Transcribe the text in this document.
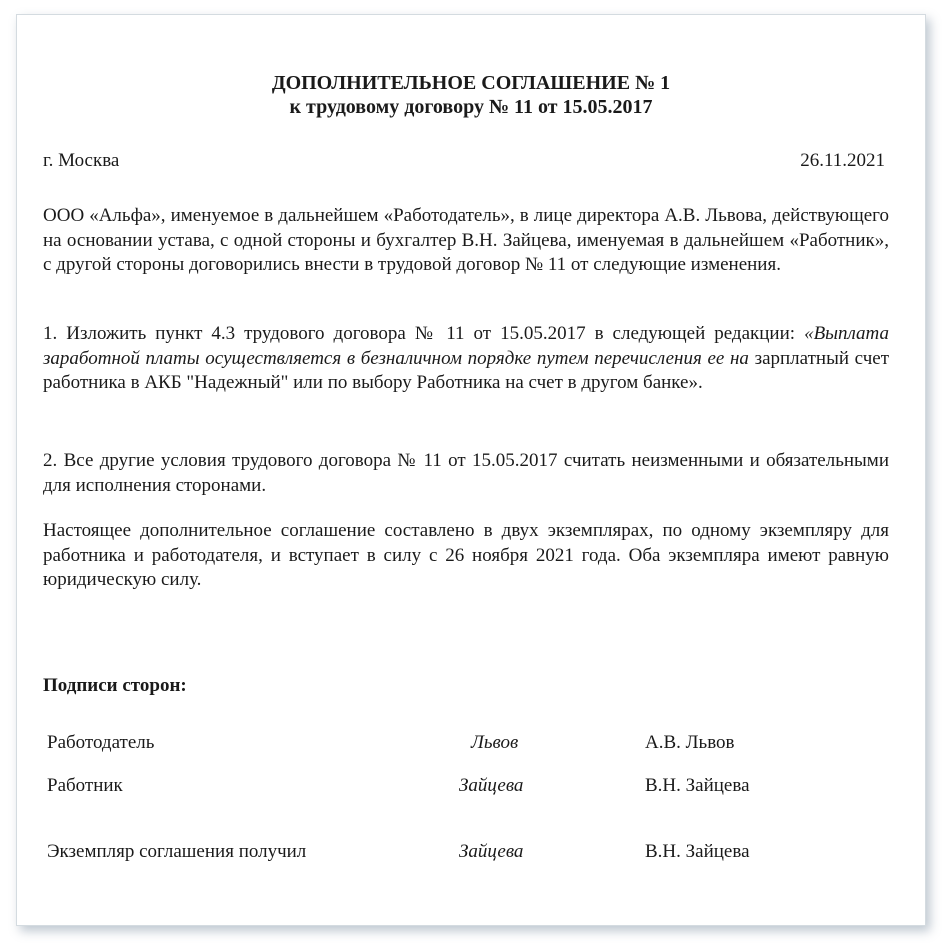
ДОПОЛНИТЕЛЬНОЕ СОГЛАШЕНИЕ № 1
к трудовому договору № 11 от 15.05.2017
г. Москва	26.11.2021
ООО «Альфа», именуемое в дальнейшем «Работодатель», в лице директора А.В. Львова, действующего на основании устава, с одной стороны и бухгалтер В.Н. Зайцева, именуемая в дальнейшем «Работник», с другой стороны договорились внести в трудовой договор № 11 от следующие изменения.
1. Изложить пункт 4.3 трудового договора № 11 от 15.05.2017 в следующей редакции: «Выплата заработной платы осуществляется в безналичном порядке путем перечисления ее на зарплатный счет работника в АКБ "Надежный" или по выбору Работника на счет в другом банке».
2. Все другие условия трудового договора № 11 от 15.05.2017 считать неизменными и обязательными для исполнения сторонами.
Настоящее дополнительное соглашение составлено в двух экземплярах, по одному экземпляру для работника и работодателя, и вступает в силу с 26 ноября 2021 года. Оба экземпляра имеют равную юридическую силу.
Подписи сторон:
Работодатель	Львов	А.В. Львов
Работник	Зайцева	В.Н. Зайцева
Экземпляр соглашения получил	Зайцева	В.Н. Зайцева
